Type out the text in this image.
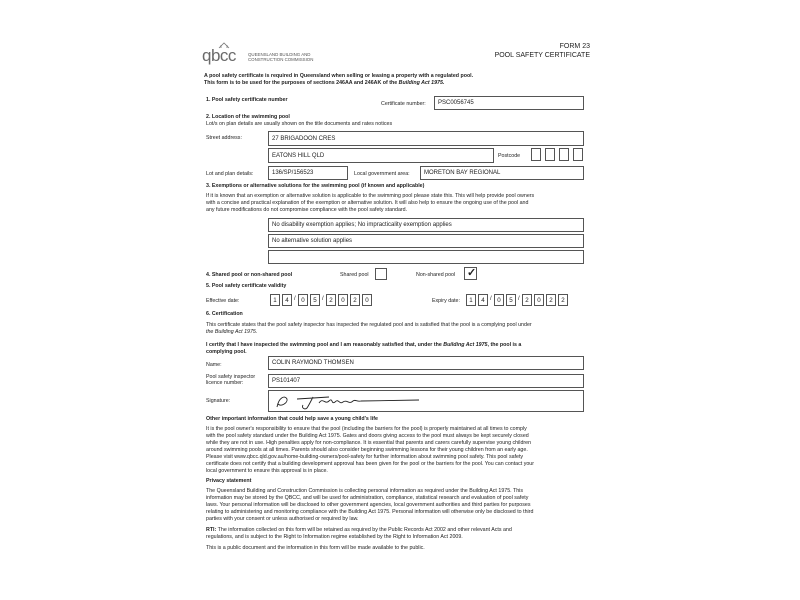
qbcc	QUEENSLAND BUILDING AND
CONSTRUCTION COMMISSION
FORM 23
POOL SAFETY CERTIFICATE
A pool safety certificate is required in Queensland when selling or leasing a property with a regulated pool.
This form is to be used for the purposes of sections 246AA and 246AK of the Building Act 1975.
1. Pool safety certificate number
Certificate number: PSC0056745
2. Location of the swimming pool
Lot/s on plan details are usually shown on the title documents and rates notices
Street address:	27 BRIGADOON CRES
EATONS HILL QLD	Postcode
Lot and plan details:	136/SP/156523	Local government area: MORETON BAY REGIONAL
3. Exemptions or alternative solutions for the swimming pool (if known and applicable)
If it is known that an exemption or alternative solution is applicable to the swimming pool please state this. This will help provide pool owners
with a concise and practical explanation of the exemption or alternative solution. It will also help to ensure the ongoing use of the pool and
any future modifications do not compromise compliance with the pool safety standard.
No disability exemption applies; No impracticality exemption applies
No alternative solution applies
4. Shared pool or non-shared pool	Shared pool	Non-shared pool ✓
5. Pool safety certificate validity
Effective date:	1	4 / 0	5 / 2	0	2	0	Expiry date:	1	4 / 0	5 / 2	0	2	2
6. Certification
This certificate states that the pool safety inspector has inspected the regulated pool and is satisfied that the pool is a complying pool under
the Building Act 1975.
I certify that I have inspected the swimming pool and I am reasonably satisfied that, under the Building Act 1975, the pool is a
complying pool.
Name:	COLIN RAYMOND THOMSEN
Pool safety inspector
licence number:	PS101407
Signature:
Other important information that could help save a young child's life
It is the pool owner's responsibility to ensure that the pool (including the barriers for the pool) is properly maintained at all times to comply
with the pool safety standard under the Building Act 1975. Gates and doors giving access to the pool must always be kept securely closed
while they are not in use. High penalties apply for non-compliance. It is essential that parents and carers carefully supervise young children
around swimming pools at all times. Parents should also consider beginning swimming lessons for their young children from an early age.
Please visit www.qbcc.qld.gov.au/home-building-owners/pool-safety for further information about swimming pool safety. This pool safety
certificate does not certify that a building development approval has been given for the pool or the barriers for the pool. You can contact your
local government to ensure this approval is in place.
Privacy statement
The Queensland Building and Construction Commission is collecting personal information as required under the Building Act 1975. This
information may be stored by the QBCC, and will be used for administration, compliance, statistical research and evaluation of pool safety
laws. Your personal information will be disclosed to other government agencies, local government authorities and third parties for purposes
relating to administering and monitoring compliance with the Building Act 1975. Personal information will otherwise only be disclosed to third
parties with your consent or unless authorised or required by law.
RTI: The information collected on this form will be retained as required by the Public Records Act 2002 and other relevant Acts and
regulations, and is subject to the Right to Information regime established by the Right to Information Act 2009.
This is a public document and the information in this form will be made available to the public.
